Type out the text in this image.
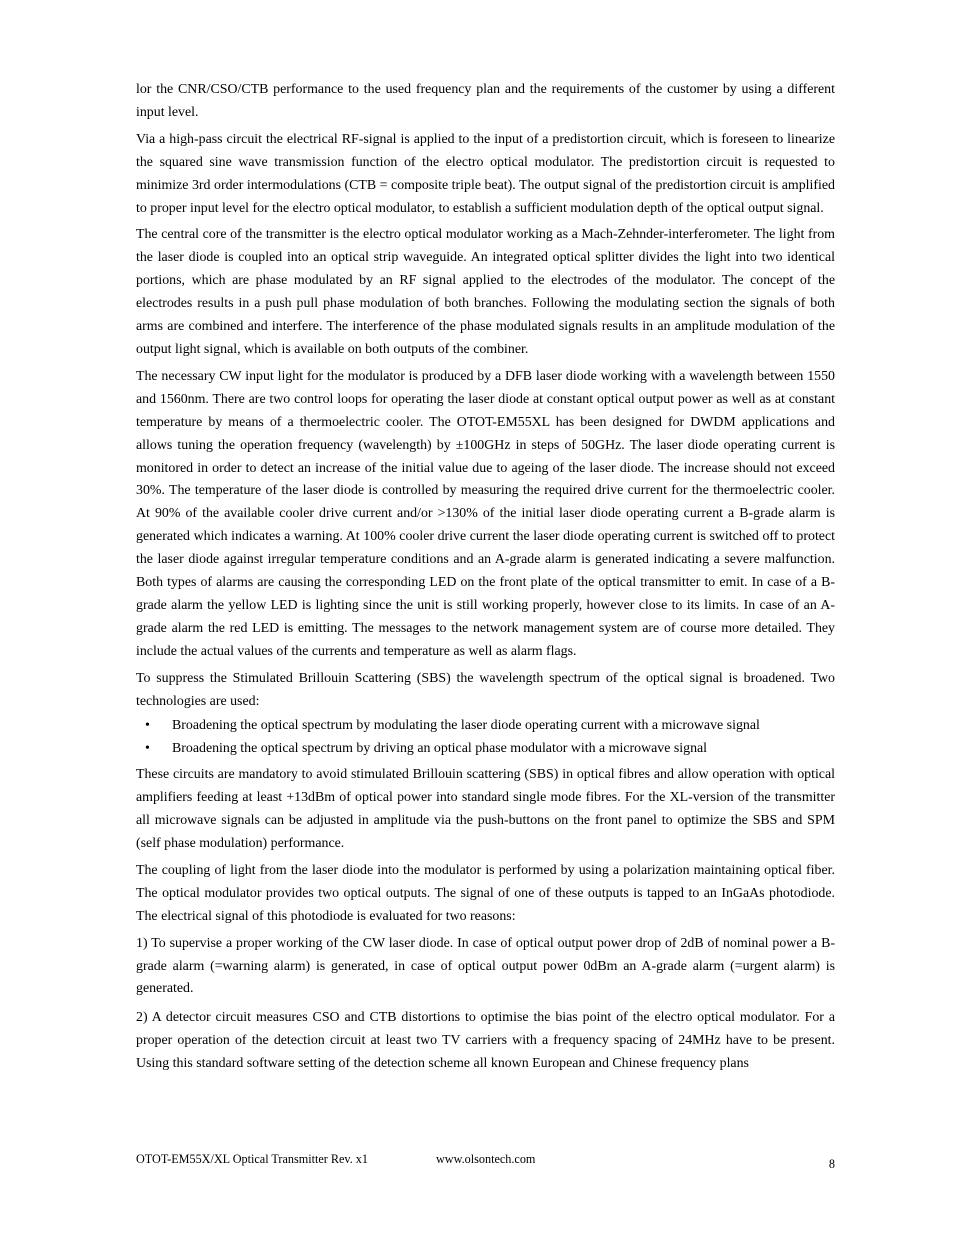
lor the CNR/CSO/CTB performance to the used frequency plan and the requirements of the customer by using a different input level.

Via a high-pass circuit the electrical RF-signal is applied to the input of a predistortion circuit, which is foreseen to linearize the squared sine wave transmission function of the electro optical modulator. The predistortion circuit is requested to minimize 3rd order intermodulations (CTB = composite triple beat). The output signal of the predistortion circuit is amplified to proper input level for the electro optical modulator, to establish a sufficient modulation depth of the optical output signal.

The central core of the transmitter is the electro optical modulator working as a Mach-Zehnder-interferometer. The light from the laser diode is coupled into an optical strip waveguide. An integrated optical splitter divides the light into two identical portions, which are phase modulated by an RF signal applied to the electrodes of the modulator. The concept of the electrodes results in a push pull phase modulation of both branches. Following the modulating section the signals of both arms are combined and interfere. The interference of the phase modulated signals results in an amplitude modulation of the output light signal, which is available on both outputs of the combiner.

The necessary CW input light for the modulator is produced by a DFB laser diode working with a wavelength between 1550 and 1560nm. There are two control loops for operating the laser diode at constant optical output power as well as at constant temperature by means of a thermoelectric cooler. The OTOT-EM55XL has been designed for DWDM applications and allows tuning the operation frequency (wavelength) by ±100GHz in steps of 50GHz. The laser diode operating current is monitored in order to detect an increase of the initial value due to ageing of the laser diode. The increase should not exceed 30%. The temperature of the laser diode is controlled by measuring the required drive current for the thermoelectric cooler. At 90% of the available cooler drive current and/or >130% of the initial laser diode operating current a B-grade alarm is generated which indicates a warning. At 100% cooler drive current the laser diode operating current is switched off to protect the laser diode against irregular temperature conditions and an A-grade alarm is generated indicating a severe malfunction. Both types of alarms are causing the corresponding LED on the front plate of the optical transmitter to emit. In case of a B-grade alarm the yellow LED is lighting since the unit is still working properly, however close to its limits. In case of an A-grade alarm the red LED is emitting. The messages to the network management system are of course more detailed. They include the actual values of the currents and temperature as well as alarm flags.

To suppress the Stimulated Brillouin Scattering (SBS) the wavelength spectrum of the optical signal is broadened. Two technologies are used:

• Broadening the optical spectrum by modulating the laser diode operating current with a microwave signal
• Broadening the optical spectrum by driving an optical phase modulator with a microwave signal

These circuits are mandatory to avoid stimulated Brillouin scattering (SBS) in optical fibres and allow operation with optical amplifiers feeding at least +13dBm of optical power into standard single mode fibres. For the XL-version of the transmitter all microwave signals can be adjusted in amplitude via the push-buttons on the front panel to optimize the SBS and SPM (self phase modulation) performance.

The coupling of light from the laser diode into the modulator is performed by using a polarization maintaining optical fiber. The optical modulator provides two optical outputs. The signal of one of these outputs is tapped to an InGaAs photodiode. The electrical signal of this photodiode is evaluated for two reasons:

1) To supervise a proper working of the CW laser diode. In case of optical output power drop of 2dB of nominal power a B-grade alarm (=warning alarm) is generated, in case of optical output power 0dBm an A-grade alarm (=urgent alarm) is generated.

2) A detector circuit measures CSO and CTB distortions to optimise the bias point of the electro optical modulator. For a proper operation of the detection circuit at least two TV carriers with a frequency spacing of 24MHz have to be present. Using this standard software setting of the detection scheme all known European and Chinese frequency plans

OTOT-EM55X/XL Optical Transmitter Rev. x1	www.olsontech.com	8
